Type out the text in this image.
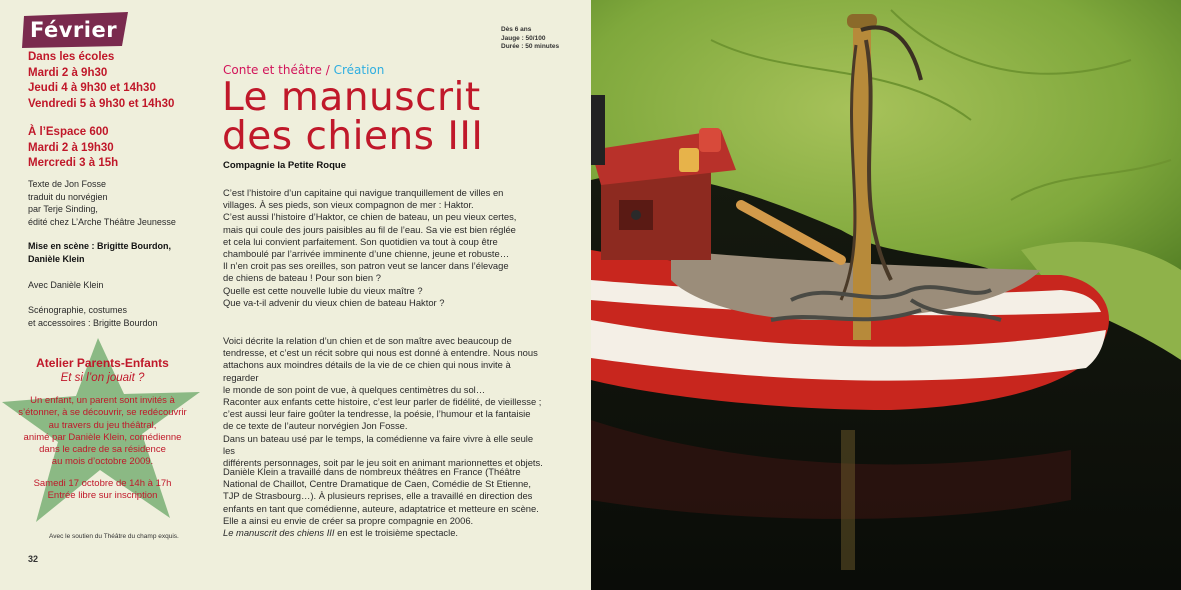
Février
Dans les écoles
Mardi 2 à 9h30
Jeudi 4 à 9h30 et 14h30
Vendredi 5 à 9h30 et 14h30
À l’Espace 600
Mardi 2 à 19h30
Mercredi 3 à 15h
Texte de Jon Fosse
traduit du norvégien
par Terje Sinding,
édité chez L’Arche Théâtre Jeunesse
Mise en scène : Brigitte Bourdon,
Danièle Klein
Avec Danièle Klein
Scénographie, costumes
et accessoires : Brigitte Bourdon
Atelier Parents-Enfants
Et si l’on jouait ?
Un enfant, un parent sont invités à
s’étonner, à se découvrir, se redécouvrir
au travers du jeu théâtral,
animé par Danièle Klein, comédienne
dans le cadre de sa résidence
au mois d’octobre 2009.
Samedi 17 octobre de 14h à 17h
Entrée libre sur inscription
Avec le soutien du Théâtre du champ exquis.
32
Dès 6 ans
Jauge : 50/100
Durée : 50 minutes
Conte et théâtre / Création
Le manuscrit
des chiens III
Compagnie la Petite Roque

C’est l’histoire d’un capitaine qui navigue tranquillement de villes en

villages. À ses pieds, son vieux compagnon de mer : Haktor.

C’est aussi l’histoire d’Haktor, ce chien de bateau, un peu vieux certes,

mais qui coule des jours paisibles au fil de l’eau. Sa vie est bien réglée

et cela lui convient parfaitement. Son quotidien va tout à coup être

chamboulé par l’arrivée imminente d’une chienne, jeune et robuste…

Il n’en croit pas ses oreilles, son patron veut se lancer dans l’élevage

de chiens de bateau ! Pour son bien ?

Quelle est cette nouvelle lubie du vieux maître ?

Que va-t-il advenir du vieux chien de bateau Haktor ?

Voici décrite la relation d’un chien et de son maître avec beaucoup de

tendresse, et c’est un récit sobre qui nous est donné à entendre. Nous nous

attachons aux moindres détails de la vie de ce chien qui nous invite à regarder

le monde de son point de vue, à quelques centimètres du sol…

Raconter aux enfants cette histoire, c’est leur parler de fidélité, de vieillesse ;

c’est aussi leur faire goûter la tendresse, la poésie, l’humour et la fantaisie

de ce texte de l’auteur norvégien Jon Fosse.

Dans un bateau usé par le temps, la comédienne va faire vivre à elle seule les

différents personnages, soit par le jeu soit en animant marionnettes et objets.

Danièle Klein a travaillé dans de nombreux théâtres en France (Théâtre

National de Chaillot, Centre Dramatique de Caen, Comédie de St Etienne,

TJP de Strasbourg…). À plusieurs reprises, elle a travaillé en direction des

enfants en tant que comédienne, auteure, adaptatrice et metteure en scène.

Elle a ainsi eu envie de créer sa propre compagnie en 2006.

Le manuscrit des chiens III en est le troisième spectacle.
